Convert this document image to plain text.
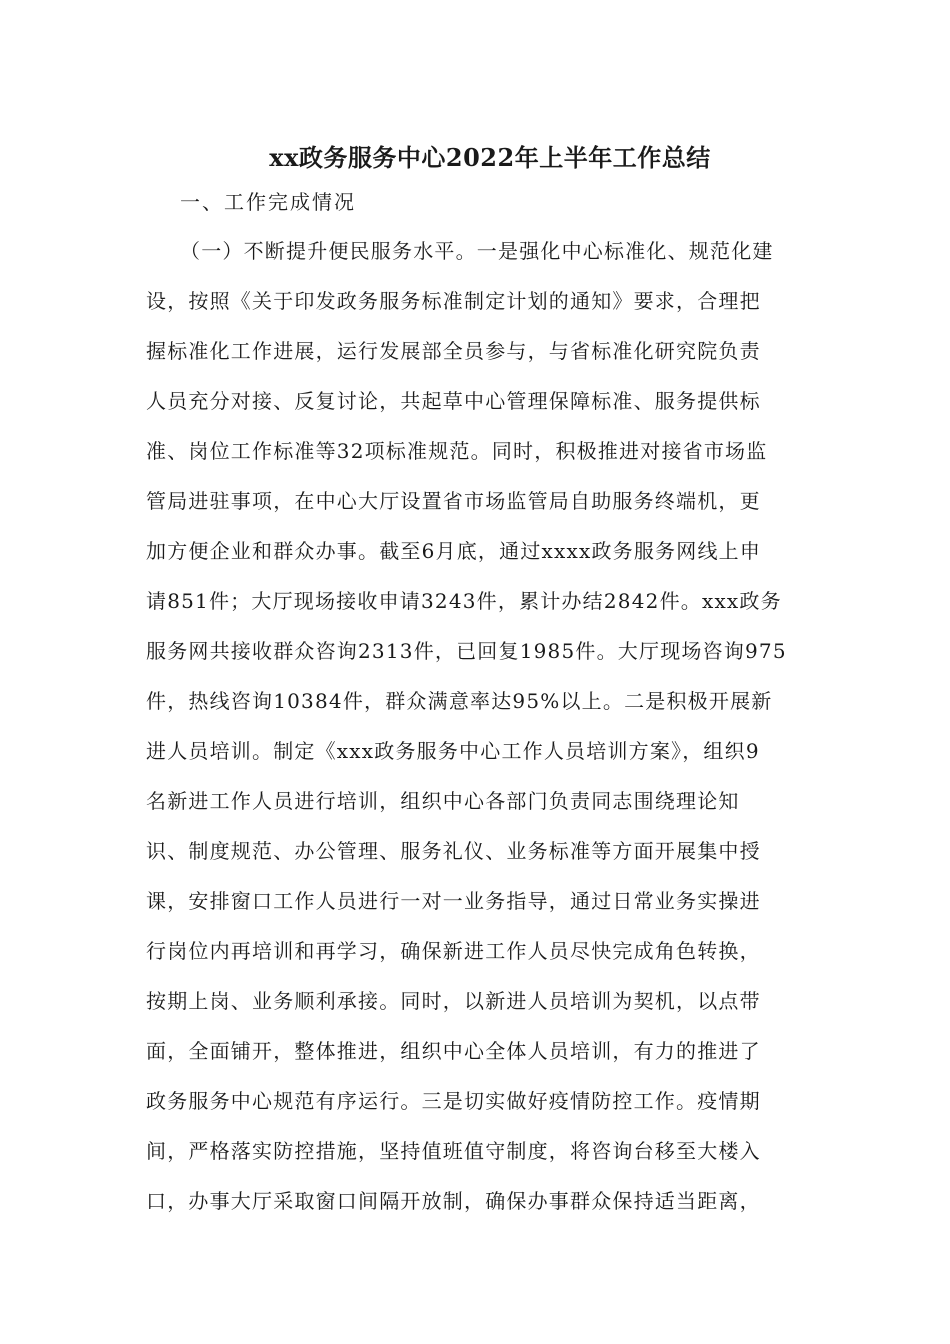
xx政务服务中心2022年上半年工作总结
一、工作完成情况
（一）不断提升便民服务水平。一是强化中心标准化、规范化建
设，按照《关于印发政务服务标准制定计划的通知》要求，合理把
握标准化工作进展，运行发展部全员参与，与省标准化研究院负责
人员充分对接、反复讨论，共起草中心管理保障标准、服务提供标
准、岗位工作标准等32项标准规范。同时，积极推进对接省市场监
管局进驻事项，在中心大厅设置省市场监管局自助服务终端机，更
加方便企业和群众办事。截至6月底，通过xxxx政务服务网线上申
请851件；大厅现场接收申请3243件，累计办结2842件。xxx政务
服务网共接收群众咨询2313件，已回复1985件。大厅现场咨询975
件，热线咨询10384件，群众满意率达95%以上。二是积极开展新
进人员培训。制定《xxx政务服务中心工作人员培训方案》，组织9
名新进工作人员进行培训，组织中心各部门负责同志围绕理论知
识、制度规范、办公管理、服务礼仪、业务标准等方面开展集中授
课，安排窗口工作人员进行一对一业务指导，通过日常业务实操进
行岗位内再培训和再学习，确保新进工作人员尽快完成角色转换，
按期上岗、业务顺利承接。同时，以新进人员培训为契机，以点带
面，全面铺开，整体推进，组织中心全体人员培训，有力的推进了
政务服务中心规范有序运行。三是切实做好疫情防控工作。疫情期
间，严格落实防控措施，坚持值班值守制度，将咨询台移至大楼入
口，办事大厅采取窗口间隔开放制，确保办事群众保持适当距离，
